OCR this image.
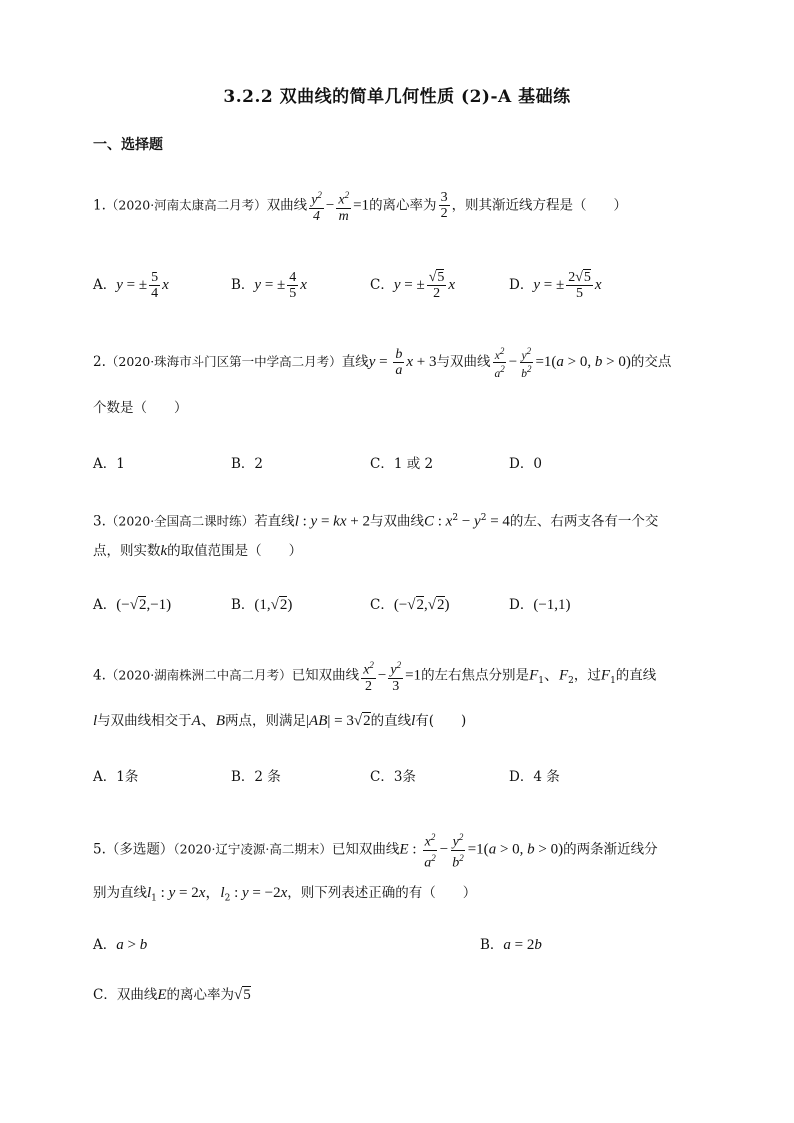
3.2.2 双曲线的简单几何性质 (2)-A 基础练
一、选择题
1.（2020·河南太康高二月考）双曲线 $\frac{y^2}{4} - \frac{x^2}{m} =1$的离心率为 $\frac{3}{2}$ ，则其渐近线方程是（　　）
A．y = ± $\frac{5}{4}$ x	B．y = ± $\frac{4}{5}$ x	C．y = ± $\frac{√5}{2}$ x	D．y = ± $\frac{2√5}{5}$ x
2.（2020·珠海市斗门区第一中学高二月考）直线$y = \frac{b}{a}$ x + 3与双曲线 $\frac{x^2}{a^2} - \frac{y^2}{b^2} =1(a > 0$, b > 0)的交点
个数是（　　）
A．1	B．2	C．1 或 2	D．0
3.（2020·全国高二课时练）若直线l : y = kx + 2与双曲线C : $x^2 - y^2 = 4$的左、右两支各有一个交
点，则实数k的取值范围是（　　）
A．(−√2,−1)	B．(1,√2)	C．(−√2,√2)	D．(−1,1)
4.（2020·湖南株洲二中高二月考）已知双曲线 $\frac{x^2}{2} - \frac{y^2}{3} =1$的左右焦点分别是$F_1$、$F_2$，过$F_1$的直线
l与双曲线相交于A、B两点，则满足|AB| = 3√2的直线l有(　　)
A．1条	B．2 条	C．3条	D．4 条
5.（多选题）（2020·辽宁凌源·高二期末）已知双曲线E : $\frac{x^2}{a^2} - \frac{y^2}{b^2} =1(a > 0$, b > 0)的两条渐近线分
别为直线$l_1$ : y = 2x，$l_2$ : y = −2x，则下列表述正确的有（　　）
A．a > b	B．a = 2b
C．双曲线E的离心率为√5
